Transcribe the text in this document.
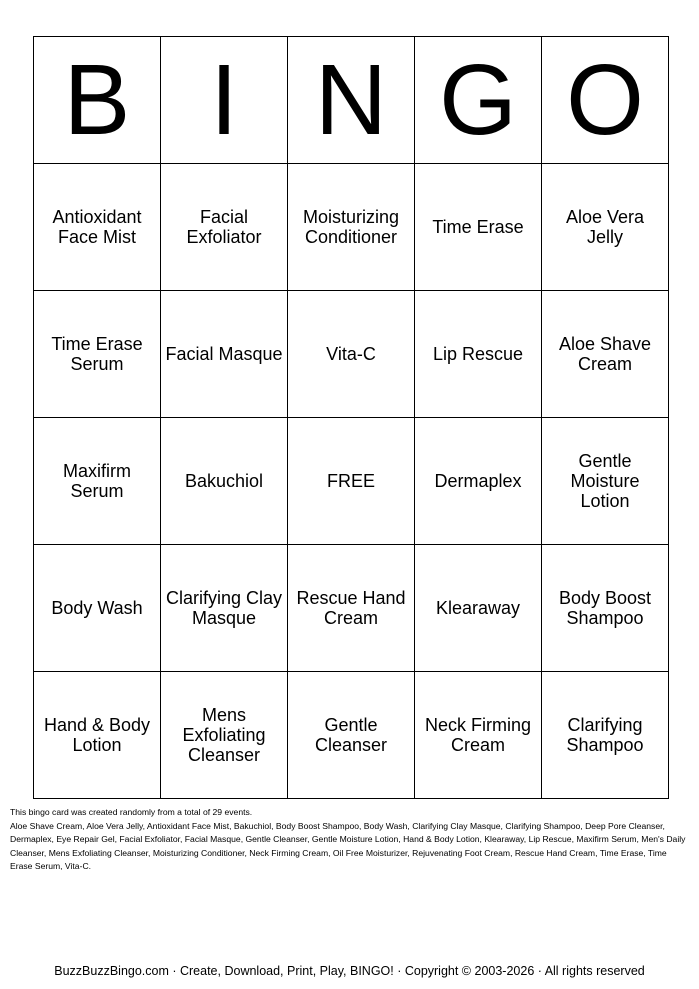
B	I	N	G	O
Antioxidant Face Mist	Facial Exfoliator	Moisturizing Conditioner	Time Erase	Aloe Vera Jelly
Time Erase Serum	Facial Masque	Vita-C	Lip Rescue	Aloe Shave Cream
Maxifirm Serum	Bakuchiol	FREE	Dermaplex	Gentle Moisture Lotion
Body Wash	Clarifying Clay Masque	Rescue Hand Cream	Klearaway	Body Boost Shampoo
Hand & Body Lotion	Mens Exfoliating Cleanser	Gentle Cleanser	Neck Firming Cream	Clarifying Shampoo

This bingo card was created randomly from a total of 29 events.

Aloe Shave Cream, Aloe Vera Jelly, Antioxidant Face Mist, Bakuchiol, Body Boost Shampoo, Body Wash, Clarifying Clay Masque, Clarifying Shampoo, Deep Pore Cleanser, Dermaplex, Eye Repair Gel, Facial Exfoliator, Facial Masque, Gentle Cleanser, Gentle Moisture Lotion, Hand & Body Lotion, Klearaway, Lip Rescue, Maxifirm Serum, Men's Daily Cleanser, Mens Exfoliating Cleanser, Moisturizing Conditioner, Neck Firming Cream, Oil Free Moisturizer, Rejuvenating Foot Cream, Rescue Hand Cream, Time Erase, Time Erase Serum, Vita-C.

BuzzBuzzBingo.com · Create, Download, Print, Play, BINGO! · Copyright © 2003-2026 · All rights reserved
